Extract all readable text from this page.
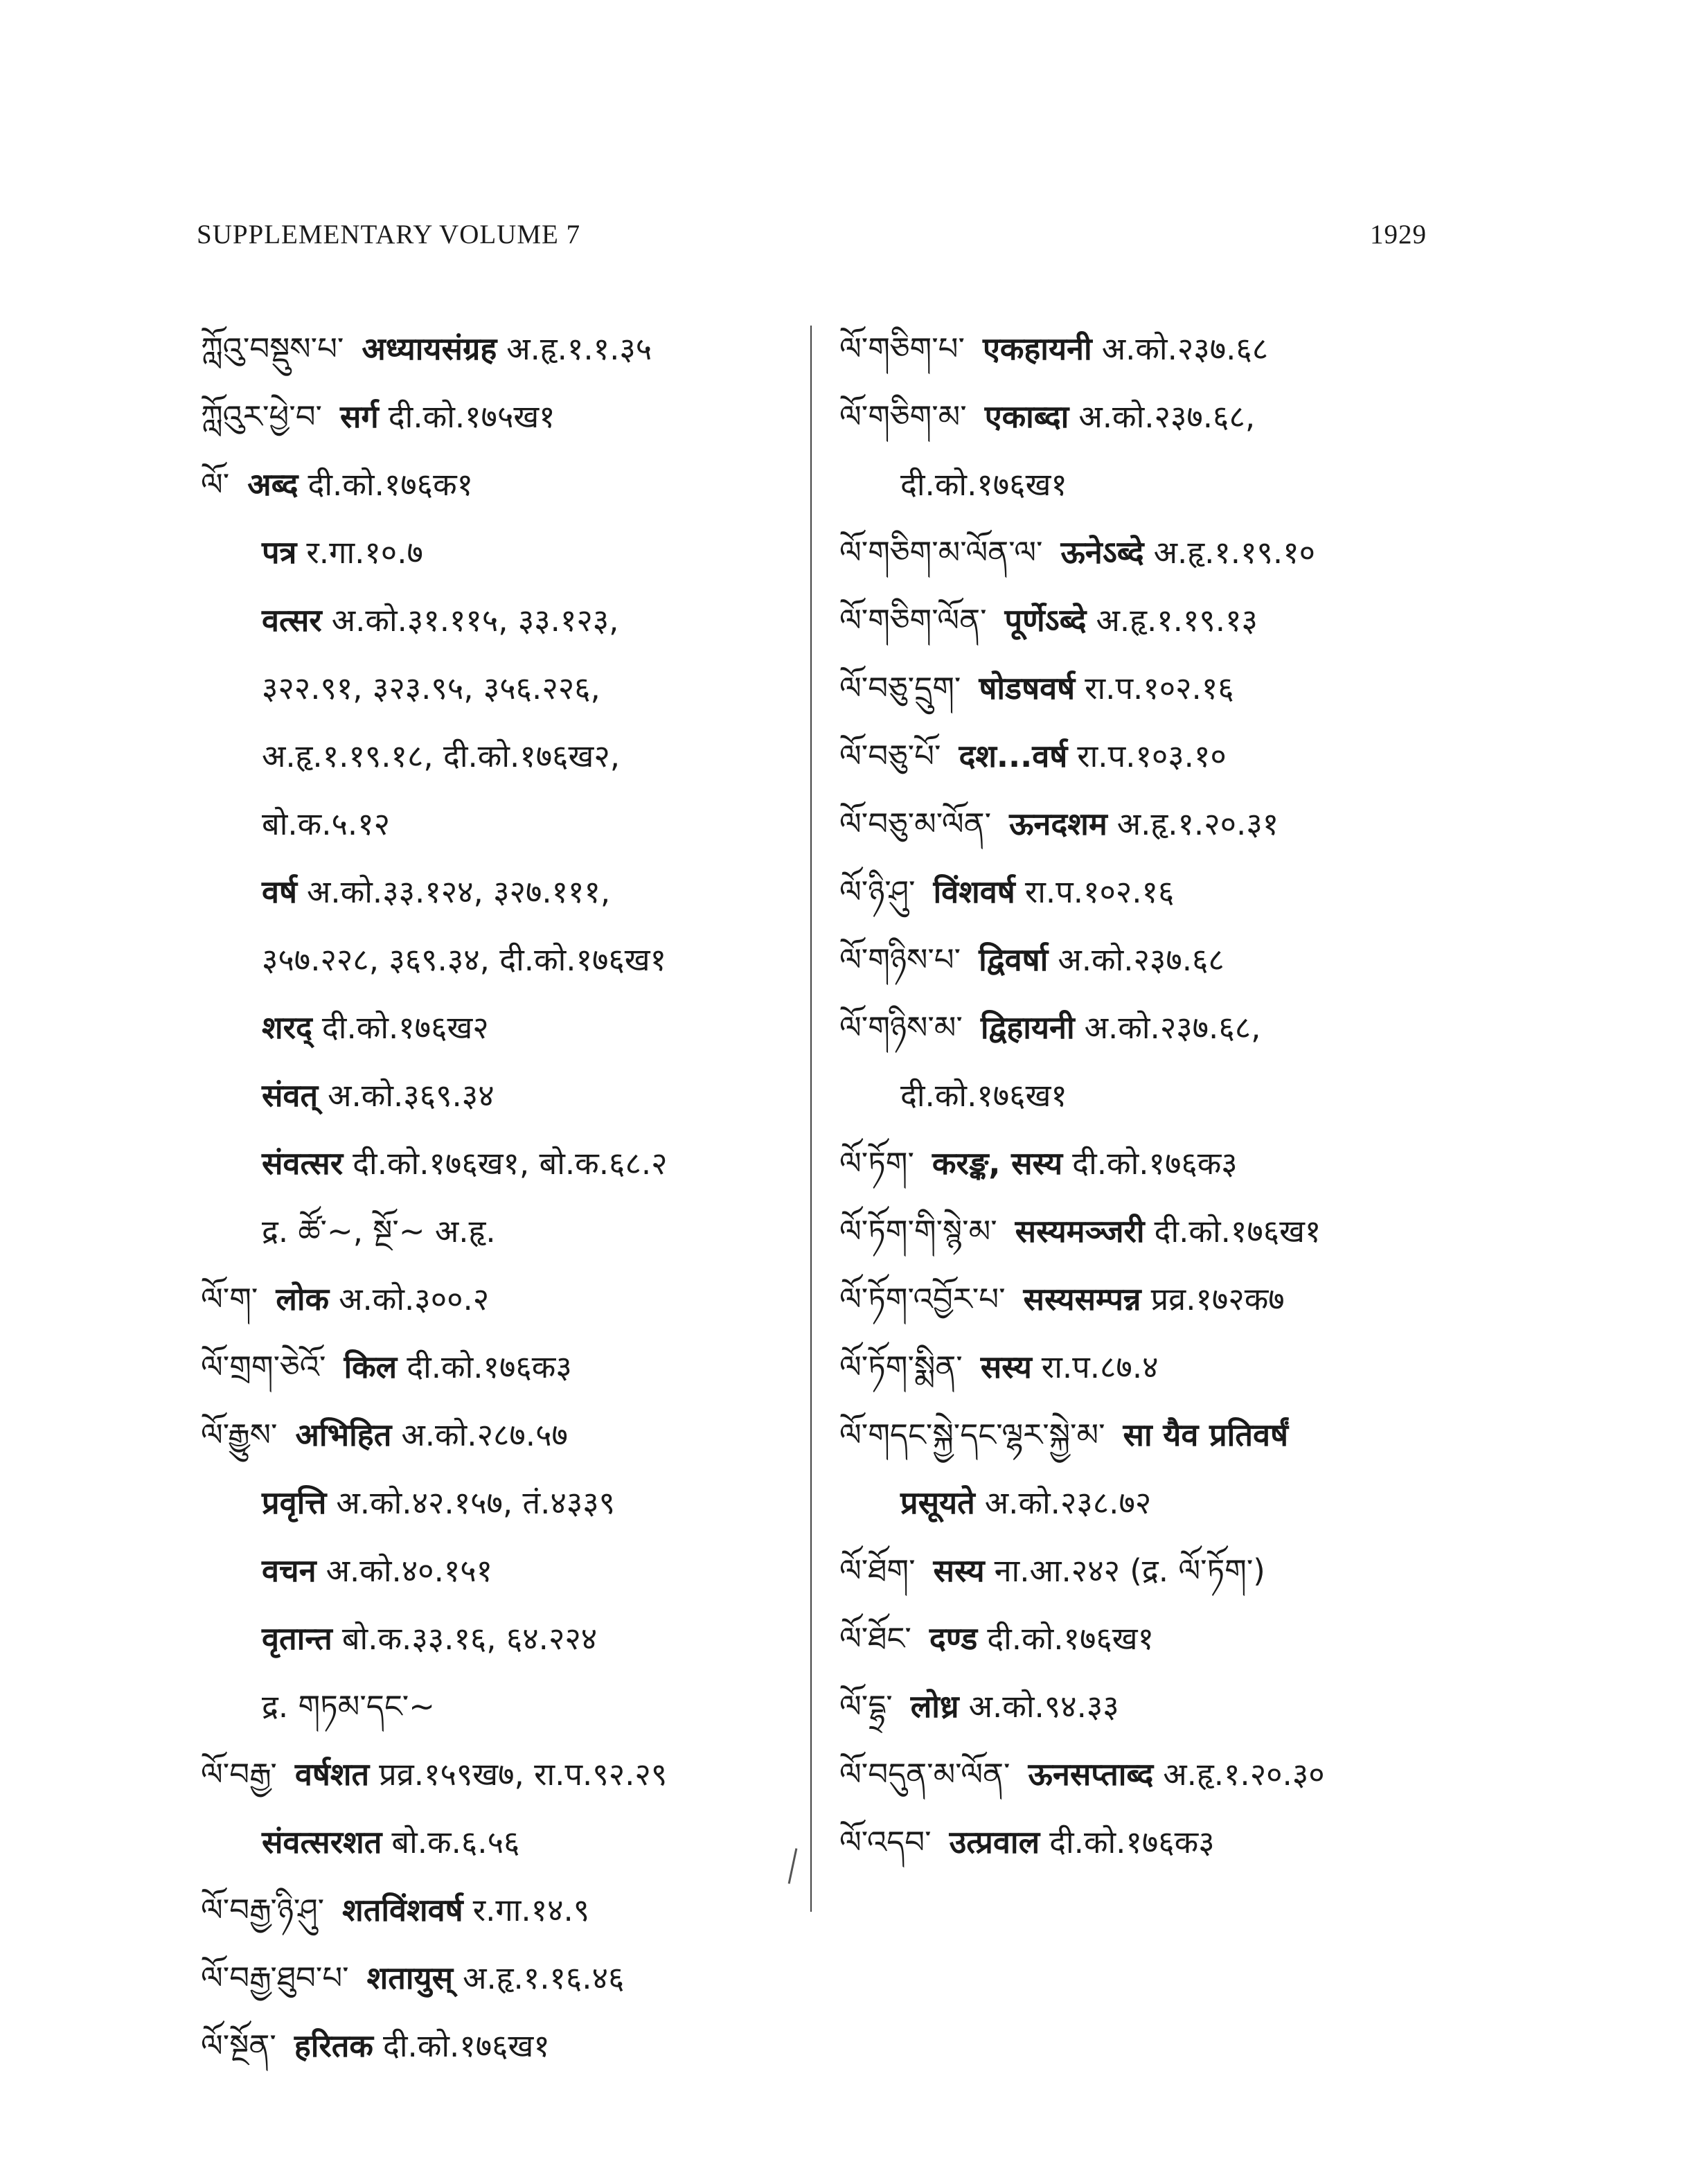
SUPPLEMENTARY VOLUME 7	1929
ཀློའུ་བསྡུས་པ་ अध्यायसंग्रह अ.हृ.१.१.३५
ཀློའུར་ཕྱེ་བ་ सर्ग दी.को.१७५ख१
ལོ་ अब्द दी.को.१७६क१
पत्र र.गा.१०.७
वत्सर अ.को.३१.११५, ३३.१२३,
३२२.९१, ३२३.९५, ३५६.२२६,
अ.हृ.१.१९.१८, दी.को.१७६ख२,
बो.क.५.१२
वर्ष अ.को.३३.१२४, ३२७.१११,
३५७.२२८, ३६९.३४, दी.को.१७६ख१
शरद् दी.को.१७६ख२
संवत् अ.को.३६९.३४
संवत्सर दी.को.१७६ख१, बो.क.६८.२
द्र. ཚོ་~, སྔོ་~ अ.हृ.
ལོ་ག་ लोक अ.को.३००.२
ལོ་གྲག་ཅེའོ་ किल दी.को.१७६क३
ལོ་རྒྱུས་ अभिहित अ.को.२८७.५७
प्रवृत्ति अ.को.४२.१५७, तं.४३३९
वचन अ.को.४०.१५१
वृतान्त बो.क.३३.१६, ६४.२२४
द्र. གཏམ་དང་~
ལོ་བརྒྱ་ वर्षशत प्रव्र.१५९ख७, रा.प.९२.२९
संवत्सरशत बो.क.६.५६
ལོ་བརྒྱ་ཉི་ཤུ་ शतविंशवर्ष र.गा.१४.९
ལོ་བརྒྱ་ཐུབ་པ་ शतायुस् अ.हृ.१.१६.४६
ལོ་སྔོན་ हरितक दी.को.१७६ख१
ལོ་གཅིག་པ་ एकहायनी अ.को.२३७.६८
ལོ་གཅིག་མ་ एकाब्दा अ.को.२३७.६८,
दी.को.१७६ख१
ལོ་གཅིག་མ་ལོན་ལ་ ऊनेऽब्दे अ.हृ.१.१९.१०
ལོ་གཅིག་ལོན་ पूर्णेऽब्दे अ.हृ.१.१९.१३
ལོ་བཅུ་དྲུག་ षोडषवर्ष रा.प.१०२.१६
ལོ་བཅུ་པོ་ दश...वर्ष रा.प.१०३.१०
ལོ་བཅུ་མ་ལོན་ ऊनदशम अ.हृ.१.२०.३१
ལོ་ཉི་ཤུ་ विंशवर्ष रा.प.१०२.१६
ལོ་གཉིས་པ་ द्विवर्षा अ.को.२३७.६८
ལོ་གཉིས་མ་ द्विहायनी अ.को.२३७.६८,
दी.को.१७६ख१
ལོ་ཏོག་ करङ्क, सस्य दी.को.१७६क३
ལོ་ཏོག་གི་སྙེ་མ་ सस्यमञ्जरी दी.को.१७६ख१
ལོ་ཏོག་འབྱོར་པ་ सस्यसम्पन्न प्रव्र.१७२क७
ལོ་ཏོག་སྨིན་ सस्य रा.प.८७.४
ལོ་གདང་སྐྱེ་དང་ལྷར་སྐྱེ་མ་ सा यैव प्रतिवर्षं
प्रसूयते अ.को.२३८.७२
ལོ་ཐོག་ सस्य ना.आ.२४२ (द्र. ལོ་ཏོག་)
ལོ་ཐོང་ दण्ड दी.को.१७६ख१
ལོ་དྷྲ་ लोध्र अ.को.९४.३३
ལོ་བདུན་མ་ལོན་ ऊनसप्ताब्द अ.हृ.१.२०.३०
ལོ་འདབ་ उत्प्रवाल दी.को.१७६क३
